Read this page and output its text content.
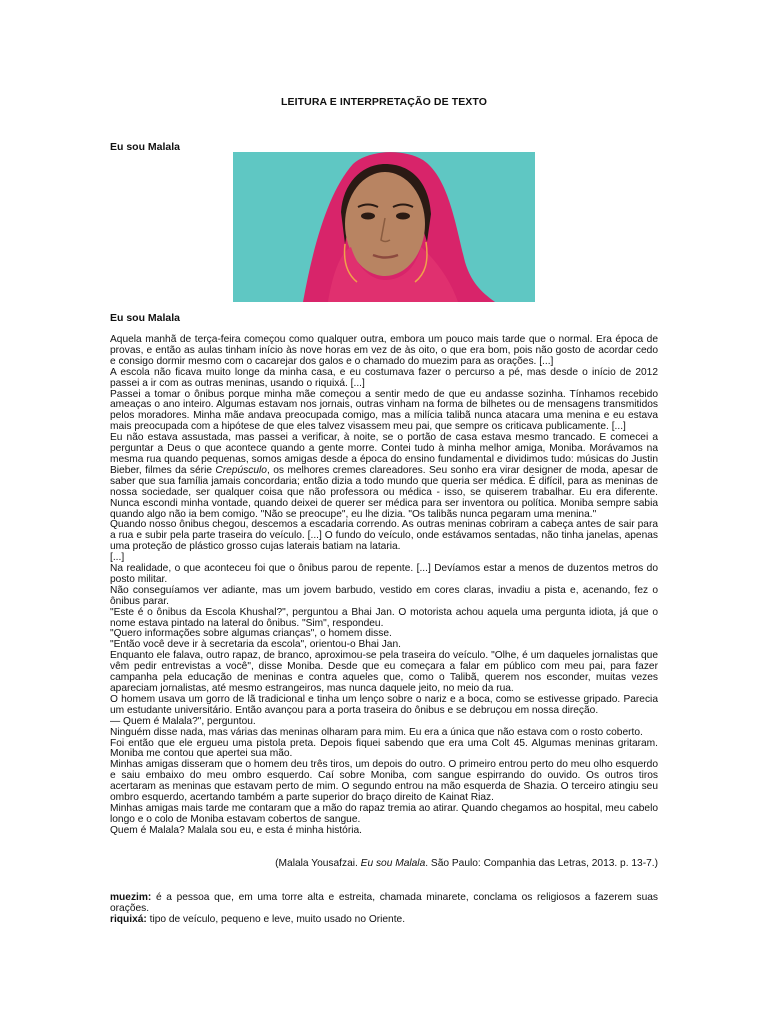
LEITURA E INTERPRETAÇÃO DE TEXTO
Eu sou Malala
Eu sou Malala

Aquela manhã de terça-feira começou como qualquer outra, embora um pouco mais tarde que o normal. Era época de provas, e então as aulas tinham início às nove horas em vez de às oito, o que era bom, pois não gosto de acordar cedo e consigo dormir mesmo com o cacarejar dos galos e o chamado do muezim para as orações. [...]

A escola não ficava muito longe da minha casa, e eu costumava fazer o percurso a pé, mas desde o início de 2012 passei a ir com as outras meninas, usando o riquixá. [...]

Passei a tomar o ônibus porque minha mãe começou a sentir medo de que eu andasse sozinha. Tínhamos recebido ameaças o ano inteiro. Algumas estavam nos jornais, outras vinham na forma de bilhetes ou de mensagens transmitidos pelos moradores. Minha mãe andava preocupada comigo, mas a milícia talibã nunca atacara uma menina e eu estava mais preocupada com a hipótese de que eles talvez visassem meu pai, que sempre os criticava publicamente. [...]

Eu não estava assustada, mas passei a verificar, à noite, se o portão de casa estava mesmo trancado. E comecei a perguntar a Deus o que acontece quando a gente morre. Contei tudo à minha melhor amiga, Moniba. Morávamos na mesma rua quando pequenas, somos amigas desde a época do ensino fundamental e dividimos tudo: músicas do Justin Bieber, filmes da série Crepúsculo, os melhores cremes clareadores. Seu sonho era virar designer de moda, apesar de saber que sua família jamais concordaria; então dizia a todo mundo que queria ser médica. É difícil, para as meninas de nossa sociedade, ser qualquer coisa que não professora ou médica - isso, se quiserem trabalhar. Eu era diferente. Nunca escondi minha vontade, quando deixei de querer ser médica para ser inventora ou política. Moniba sempre sabia quando algo não ia bem comigo. "Não se preocupe", eu lhe dizia. "Os talibãs nunca pegaram uma menina."

Quando nosso ônibus chegou, descemos a escadaria correndo. As outras meninas cobriram a cabeça antes de sair para a rua e subir pela parte traseira do veículo. [...] O fundo do veículo, onde estávamos sentadas, não tinha janelas, apenas uma proteção de plástico grosso cujas laterais batiam na lataria.

[...]

Na realidade, o que aconteceu foi que o ônibus parou de repente. [...] Devíamos estar a menos de duzentos metros do posto militar.

Não conseguíamos ver adiante, mas um jovem barbudo, vestido em cores claras, invadiu a pista e, acenando, fez o ônibus parar.

"Este é o ônibus da Escola Khushal?", perguntou a Bhai Jan. O motorista achou aquela uma pergunta idiota, já que o nome estava pintado na lateral do ônibus. "Sim", respondeu.

"Quero informações sobre algumas crianças", o homem disse.

"Então você deve ir à secretaria da escola", orientou-o Bhai Jan.

Enquanto ele falava, outro rapaz, de branco, aproximou-se pela traseira do veículo. "Olhe, é um daqueles jornalistas que vêm pedir entrevistas a você", disse Moniba. Desde que eu começara a falar em público com meu pai, para fazer campanha pela educação de meninas e contra aqueles que, como o Talibã, querem nos esconder, muitas vezes apareciam jornalistas, até mesmo estrangeiros, mas nunca daquele jeito, no meio da rua.

O homem usava um gorro de lã tradicional e tinha um lenço sobre o nariz e a boca, como se estivesse gripado. Parecia um estudante universitário. Então avançou para a porta traseira do ônibus e se debruçou em nossa direção.

— Quem é Malala?", perguntou.

Ninguém disse nada, mas várias das meninas olharam para mim. Eu era a única que não estava com o rosto coberto.

Foi então que ele ergueu uma pistola preta. Depois fiquei sabendo que era uma Colt 45. Algumas meninas gritaram. Moniba me contou que apertei sua mão.

Minhas amigas disseram que o homem deu três tiros, um depois do outro. O primeiro entrou perto do meu olho esquerdo e saiu embaixo do meu ombro esquerdo. Caí sobre Moniba, com sangue espirrando do ouvido. Os outros tiros acertaram as meninas que estavam perto de mim. O segundo entrou na mão esquerda de Shazia. O terceiro atingiu seu ombro esquerdo, acertando também a parte superior do braço direito de Kainat Riaz.

Minhas amigas mais tarde me contaram que a mão do rapaz tremia ao atirar. Quando chegamos ao hospital, meu cabelo longo e o colo de Moniba estavam cobertos de sangue.

Quem é Malala? Malala sou eu, e esta é minha história.

(Malala Yousafzai. Eu sou Malala. São Paulo: Companhia das Letras, 2013. p. 13-7.)

muezim: é a pessoa que, em uma torre alta e estreita, chamada minarete, conclama os religiosos a fazerem suas orações.

riquixá: tipo de veículo, pequeno e leve, muito usado no Oriente.
